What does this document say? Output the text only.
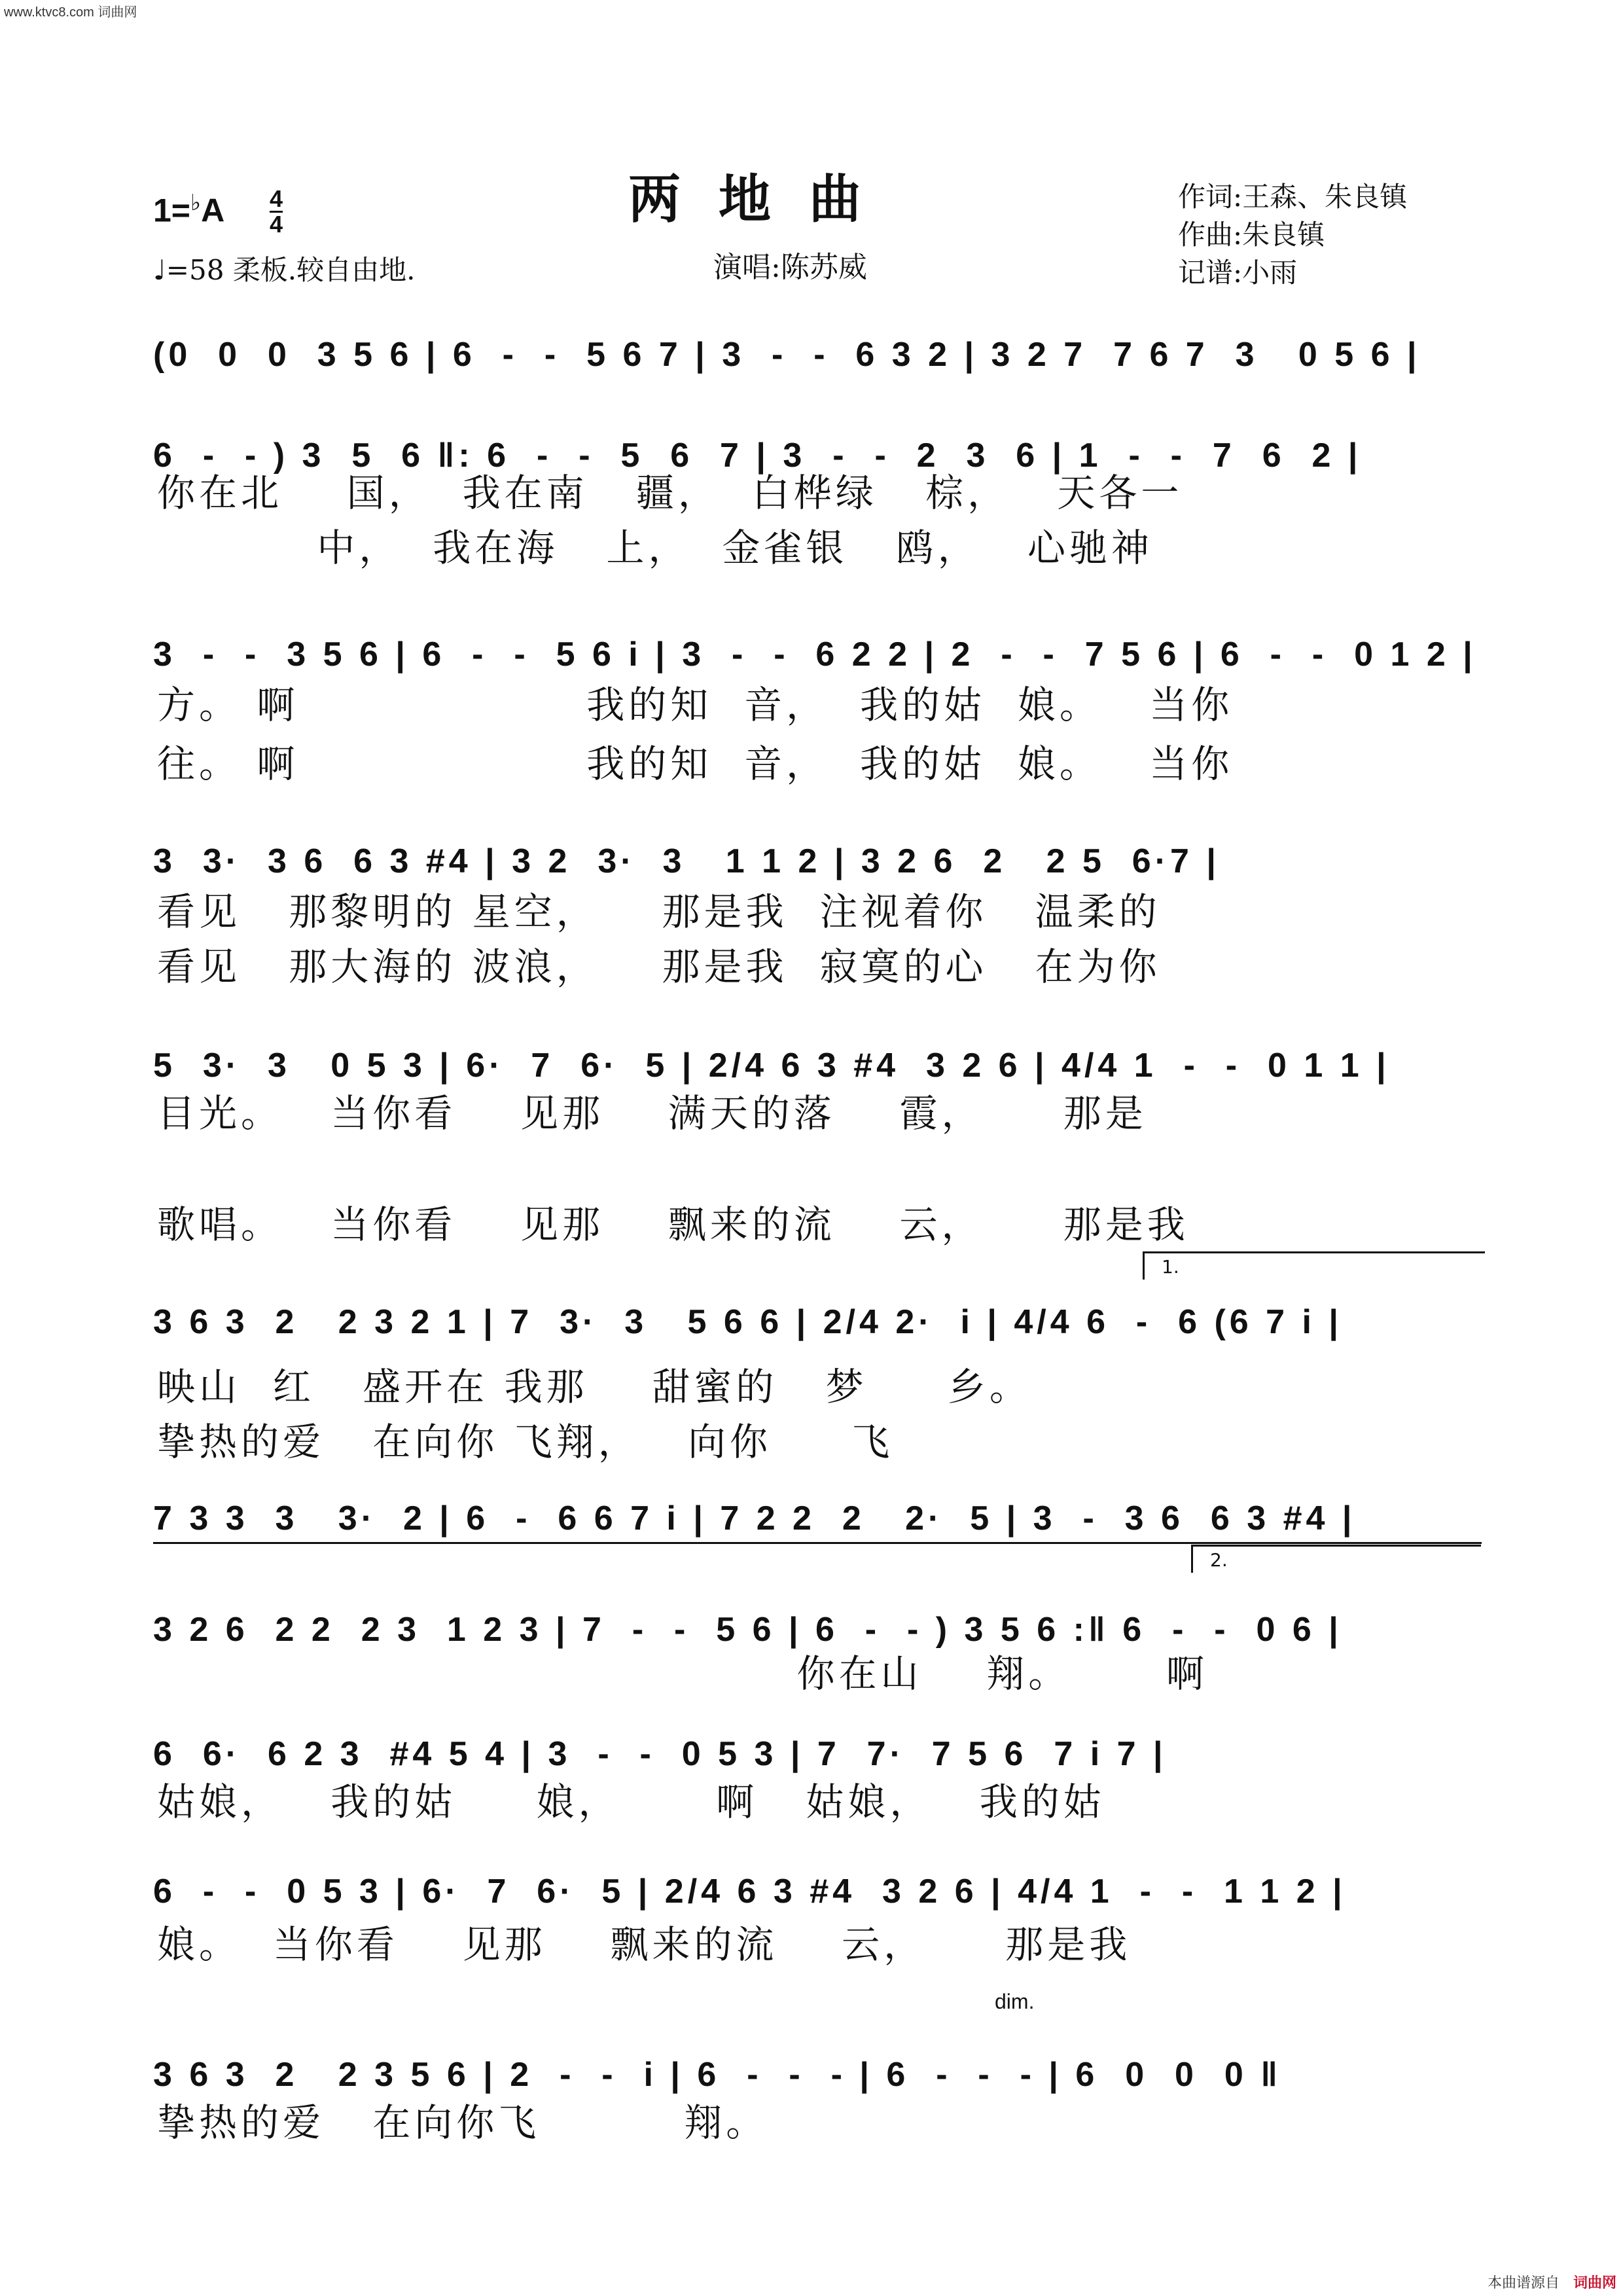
www.ktvc8.com 词曲网
两地曲
1=♭A 4
4
♩=58 柔板.较自由地.	演唱:陈苏威
作词:王森、朱良镇
作曲:朱良镇
记谱:小雨
(0  0  0  3 5 6 | 6  -  -  5 6 7 | 3  -  -  6 3 2 | 3 2 7  7 6 7  3   0 5 6 |
6  -  - ) 3  5  6 ‖: 6  -  -  5  6  7 | 3  -  -  2  3  6 | 1  -  -  7  6  2 |
你在北    国，  我在南   疆，  白桦绿   棕，   天各一
中，  我在海   上，  金雀银   鸥，   心驰神
3  -  -  3 5 6 | 6  -  -  5 6 i | 3  -  -  6 2 2 | 2  -  -  7 5 6 | 6  -  -  0 1 2 |
方。 啊                  我的知  音，  我的姑  娘。   当你
往。 啊                  我的知  音，  我的姑  娘。   当你
3  3·  3 6  6 3 #4 | 3 2  3·  3   1 1 2 | 3 2 6  2   2 5  6·7 |
看见   那黎明的 星空，    那是我  注视着你   温柔的
看见   那大海的 波浪，    那是我  寂寞的心   在为你
5  3·  3   0 5 3 | 6·  7  6·  5 | 2/4 6 3 #4  3 2 6 | 4/4 1  -  -  0 1 1 |
目光。   当你看    见那    满天的落    霞，     那是
歌唱。   当你看    见那    飘来的流    云，     那是我
1.
3 6 3  2   2 3 2 1 | 7  3·  3   5 6 6 | 2/4 2·  i | 4/4 6  -  6 (6 7 i |
映山  红   盛开在 我那    甜蜜的   梦     乡。
挚热的爱   在向你 飞翔，   向你     飞
7 3 3  3   3·  2 | 6  -  6 6 7 i | 7 2 2  2   2·  5 | 3  -  3 6  6 3 #4 |
2.
3 2 6  2 2  2 3  1 2 3 | 7  -  -  5 6 | 6  -  - ) 3 5 6 :‖ 6  -  -  0 6 |
你在山    翔。      啊
6  6·  6 2 3  #4 5 4 | 3  -  -  0 5 3 | 7  7·  7 5 6  7 i 7 |
姑娘，   我的姑     娘，      啊   姑娘，   我的姑
6  -  -  0 5 3 | 6·  7  6·  5 | 2/4 6 3 #4  3 2 6 | 4/4 1  -  -  1 1 2 |
娘。  当你看    见那    飘来的流    云，     那是我
dim.
3 6 3  2   2 3 5 6 | 2  -  -  i | 6  -  -  - | 6  -  -  - | 6  0  0  0 ‖
挚热的爱   在向你飞         翔。
本曲谱源自 词曲网
